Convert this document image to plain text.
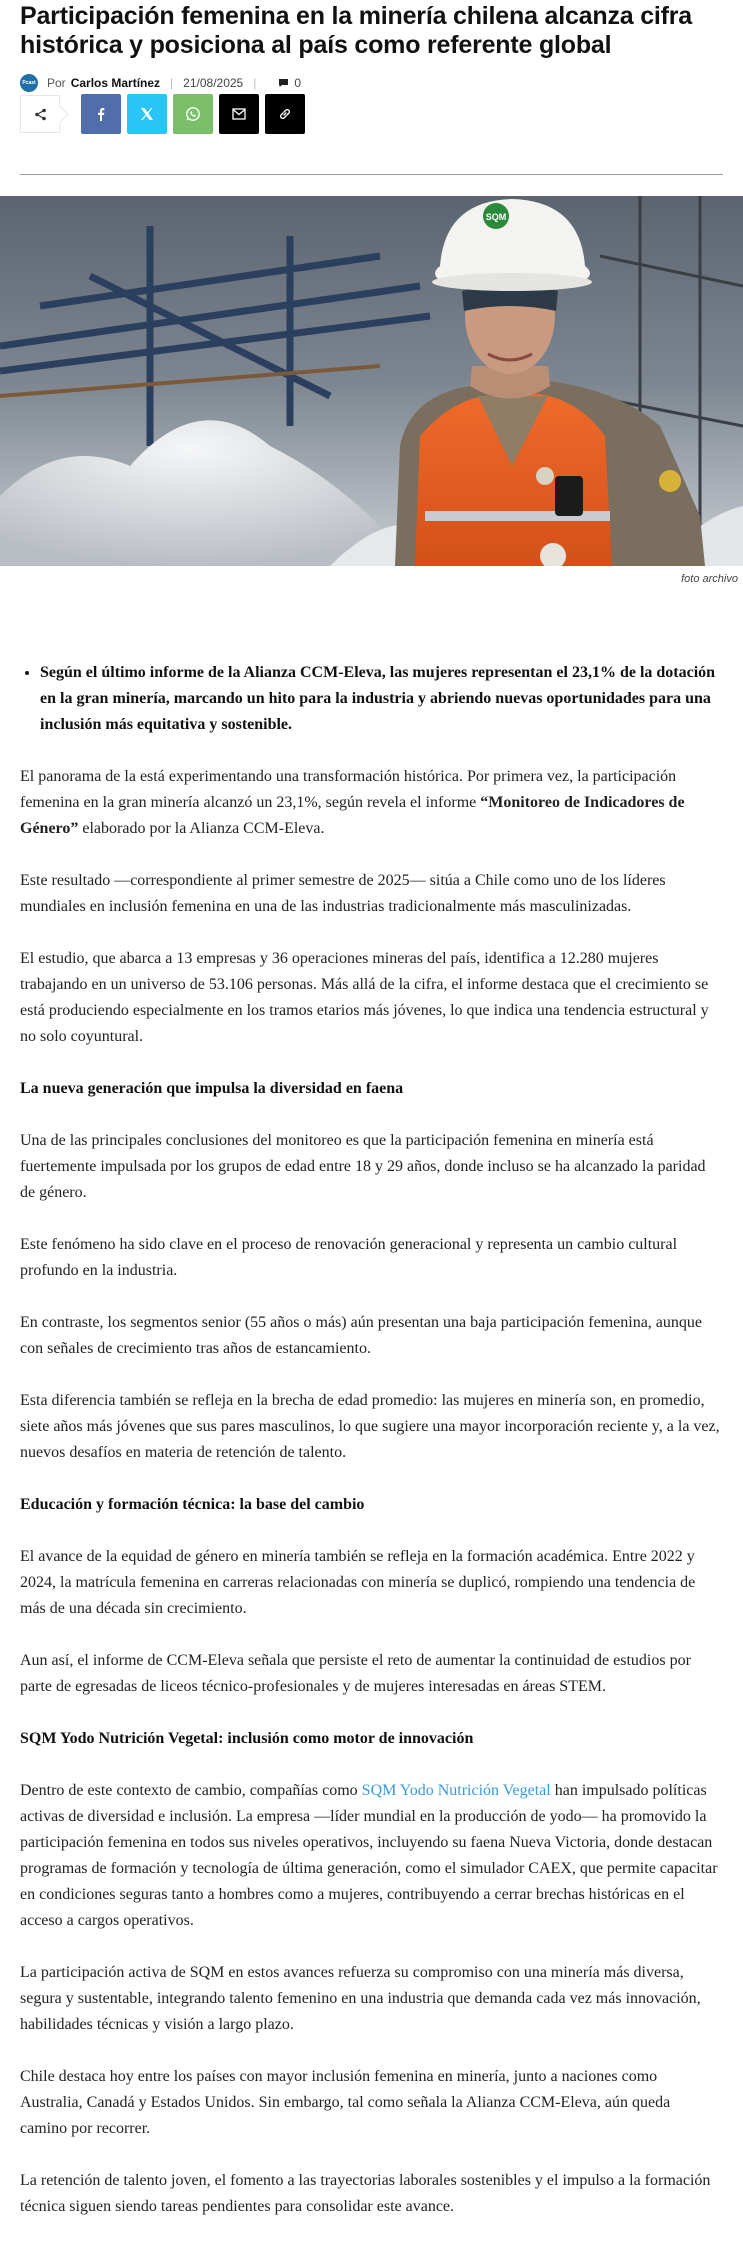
Participación femenina en la minería chilena alcanza cifra histórica y posiciona al país como referente global
Pcast Por Carlos Martínez | 21/08/2025 |	0
SQM
foto archivo
• Según el último informe de la Alianza CCM-Eleva, las mujeres representan el 23,1% de la dotación en la gran minería, marcando un hito para la industria y abriendo nuevas oportunidades para una inclusión más equitativa y sostenible.

El panorama de la está experimentando una transformación histórica. Por primera vez, la participación femenina en la gran minería alcanzó un 23,1%, según revela el informe “Monitoreo de Indicadores de Género” elaborado por la Alianza CCM-Eleva.

Este resultado —correspondiente al primer semestre de 2025— sitúa a Chile como uno de los líderes mundiales en inclusión femenina en una de las industrias tradicionalmente más masculinizadas.

El estudio, que abarca a 13 empresas y 36 operaciones mineras del país, identifica a 12.280 mujeres trabajando en un universo de 53.106 personas. Más allá de la cifra, el informe destaca que el crecimiento se está produciendo especialmente en los tramos etarios más jóvenes, lo que indica una tendencia estructural y no solo coyuntural.

La nueva generación que impulsa la diversidad en faena

Una de las principales conclusiones del monitoreo es que la participación femenina en minería está fuertemente impulsada por los grupos de edad entre 18 y 29 años, donde incluso se ha alcanzado la paridad de género.

Este fenómeno ha sido clave en el proceso de renovación generacional y representa un cambio cultural profundo en la industria.

En contraste, los segmentos senior (55 años o más) aún presentan una baja participación femenina, aunque con señales de crecimiento tras años de estancamiento.

Esta diferencia también se refleja en la brecha de edad promedio: las mujeres en minería son, en promedio, siete años más jóvenes que sus pares masculinos, lo que sugiere una mayor incorporación reciente y, a la vez, nuevos desafíos en materia de retención de talento.

Educación y formación técnica: la base del cambio

El avance de la equidad de género en minería también se refleja en la formación académica. Entre 2022 y 2024, la matrícula femenina en carreras relacionadas con minería se duplicó, rompiendo una tendencia de más de una década sin crecimiento.

Aun así, el informe de CCM-Eleva señala que persiste el reto de aumentar la continuidad de estudios por parte de egresadas de liceos técnico-profesionales y de mujeres interesadas en áreas STEM.

SQM Yodo Nutrición Vegetal: inclusión como motor de innovación

Dentro de este contexto de cambio, compañías como SQM Yodo Nutrición Vegetal han impulsado políticas activas de diversidad e inclusión. La empresa —líder mundial en la producción de yodo— ha promovido la participación femenina en todos sus niveles operativos, incluyendo su faena Nueva Victoria, donde destacan programas de formación y tecnología de última generación, como el simulador CAEX, que permite capacitar en condiciones seguras tanto a hombres como a mujeres, contribuyendo a cerrar brechas históricas en el acceso a cargos operativos.

La participación activa de SQM en estos avances refuerza su compromiso con una minería más diversa, segura y sustentable, integrando talento femenino en una industria que demanda cada vez más innovación, habilidades técnicas y visión a largo plazo.

Chile destaca hoy entre los países con mayor inclusión femenina en minería, junto a naciones como Australia, Canadá y Estados Unidos. Sin embargo, tal como señala la Alianza CCM-Eleva, aún queda camino por recorrer.

La retención de talento joven, el fomento a las trayectorias laborales sostenibles y el impulso a la formación técnica siguen siendo tareas pendientes para consolidar este avance.
